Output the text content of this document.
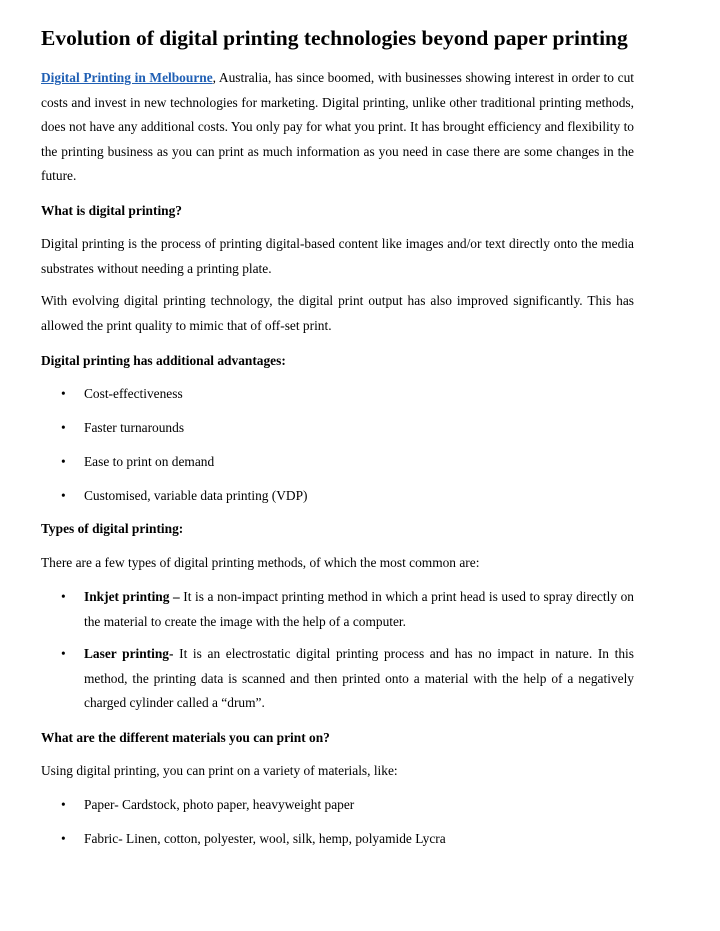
Evolution of digital printing technologies beyond paper printing

Digital Printing in Melbourne, Australia, has since boomed, with businesses showing interest in order to cut costs and invest in new technologies for marketing. Digital printing, unlike other traditional printing methods, does not have any additional costs. You only pay for what you print. It has brought efficiency and flexibility to the printing business as you can print as much information as you need in case there are some changes in the future.

What is digital printing?

Digital printing is the process of printing digital-based content like images and/or text directly onto the media substrates without needing a printing plate.

With evolving digital printing technology, the digital print output has also improved significantly. This has allowed the print quality to mimic that of off-set print.

Digital printing has additional advantages:

• Cost-effectiveness

• Faster turnarounds

• Ease to print on demand

• Customised, variable data printing (VDP)

Types of digital printing:

There are a few types of digital printing methods, of which the most common are:

• Inkjet printing – It is a non-impact printing method in which a print head is used to spray directly on the material to create the image with the help of a computer.

• Laser printing- It is an electrostatic digital printing process and has no impact in nature. In this method, the printing data is scanned and then printed onto a material with the help of a negatively charged cylinder called a “drum”.

What are the different materials you can print on?

Using digital printing, you can print on a variety of materials, like:

• Paper- Cardstock, photo paper, heavyweight paper

• Fabric- Linen, cotton, polyester, wool, silk, hemp, polyamide Lycra
